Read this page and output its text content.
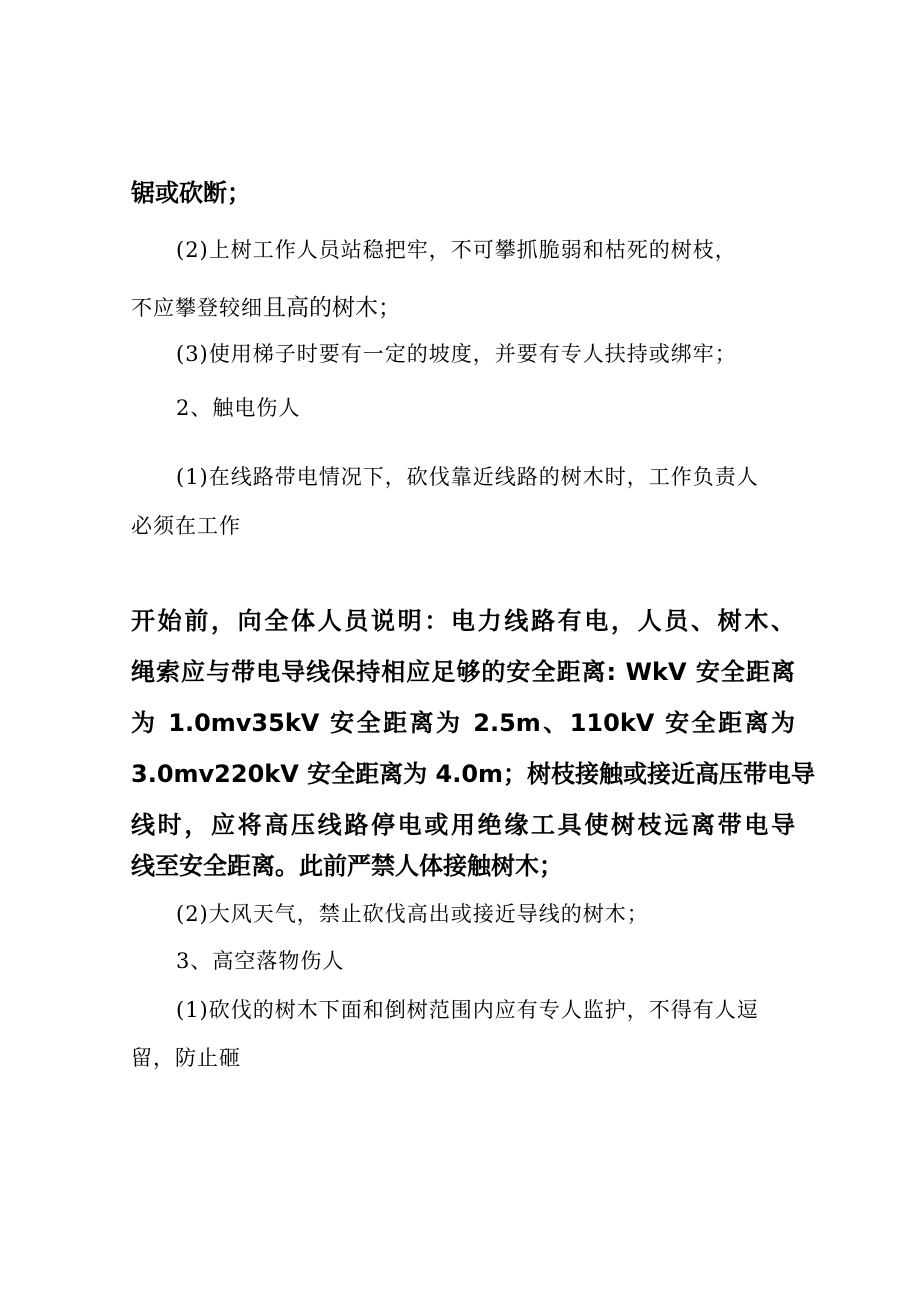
锯或砍断；
(2)上树工作人员站稳把牢，不可攀抓脆弱和枯死的树枝，
不应攀登较细且高的树木；
(3)使用梯子时要有一定的坡度，并要有专人扶持或绑牢；
2、触电伤人
(1)在线路带电情况下，砍伐靠近线路的树木时，工作负责人
必须在工作
开始前，向全体人员说明：电力线路有电，人员、树木、
绳索应与带电导线保持相应足够的安全距离: WkV 安全距离
为 1.0mv35kV 安全距离为 2.5m、110kV 安全距离为
3.0mv220kV 安全距离为 4.0m；树枝接触或接近高压带电导
线时，应将高压线路停电或用绝缘工具使树枝远离带电导
线至安全距离。此前严禁人体接触树木；
(2)大风天气，禁止砍伐高出或接近导线的树木；
3、高空落物伤人
(1)砍伐的树木下面和倒树范围内应有专人监护，不得有人逗
留，防止砸
